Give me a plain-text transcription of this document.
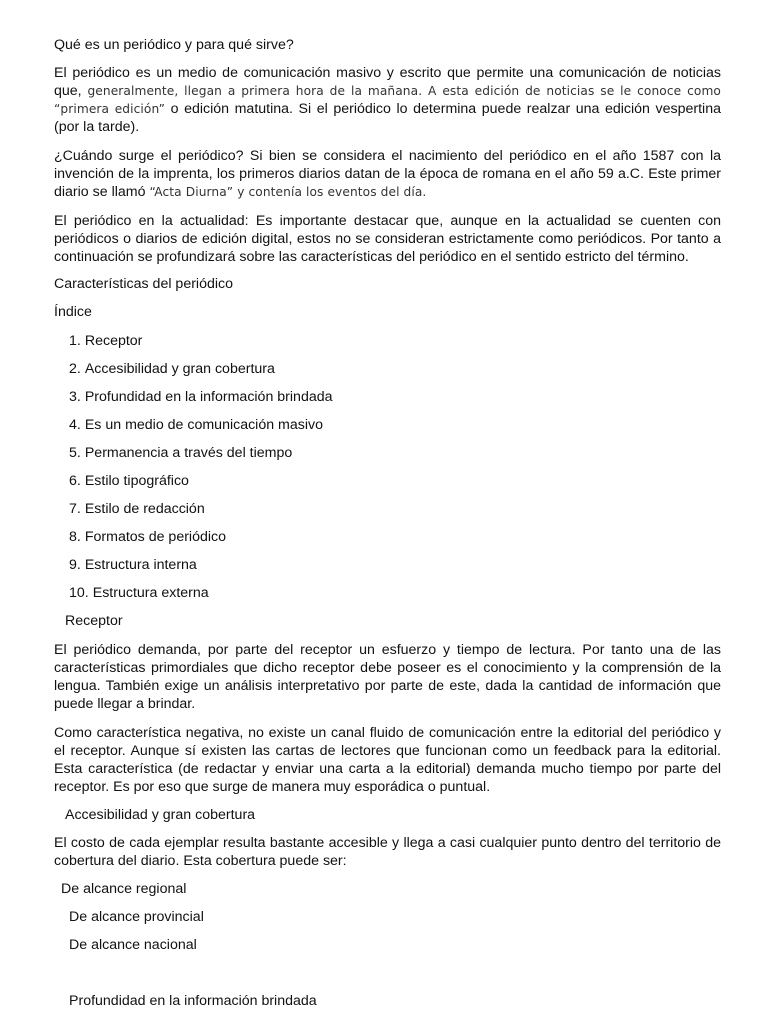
Qué es un periódico y para qué sirve?

El periódico es un medio de comunicación masivo y escrito que permite una comunicación de noticias que, generalmente, llegan a primera hora de la mañana. A esta edición de noticias se le conoce como “primera edición” o edición matutina. Si el periódico lo determina puede realzar una edición vespertina (por la tarde).

¿Cuándo surge el periódico? Si bien se considera el nacimiento del periódico en el año 1587 con la invención de la imprenta, los primeros diarios datan de la época de romana en el año 59 a.C. Este primer diario se llamó “Acta Diurna” y contenía los eventos del día.

El periódico en la actualidad: Es importante destacar que, aunque en la actualidad se cuenten con periódicos o diarios de edición digital, estos no se consideran estrictamente como periódicos. Por tanto a continuación se profundizará sobre las características del periódico en el sentido estricto del término.

Características del periódico

Índice

1. Receptor
2. Accesibilidad y gran cobertura
3. Profundidad en la información brindada
4. Es un medio de comunicación masivo
5. Permanencia a través del tiempo
6. Estilo tipográfico
7. Estilo de redacción
8. Formatos de periódico
9. Estructura interna
10. Estructura externa

Receptor

El periódico demanda, por parte del receptor un esfuerzo y tiempo de lectura. Por tanto una de las características primordiales que dicho receptor debe poseer es el conocimiento y la comprensión de la lengua. También exige un análisis interpretativo por parte de este, dada la cantidad de información que puede llegar a brindar.

Como característica negativa, no existe un canal fluido de comunicación entre la editorial del periódico y el receptor. Aunque sí existen las cartas de lectores que funcionan como un feedback para la editorial. Esta característica (de redactar y enviar una carta a la editorial) demanda mucho tiempo por parte del receptor. Es por eso que surge de manera muy esporádica o puntual.

Accesibilidad y gran cobertura

El costo de cada ejemplar resulta bastante accesible y llega a casi cualquier punto dentro del territorio de cobertura del diario. Esta cobertura puede ser:

De alcance regional

De alcance provincial

De alcance nacional

Profundidad en la información brindada
